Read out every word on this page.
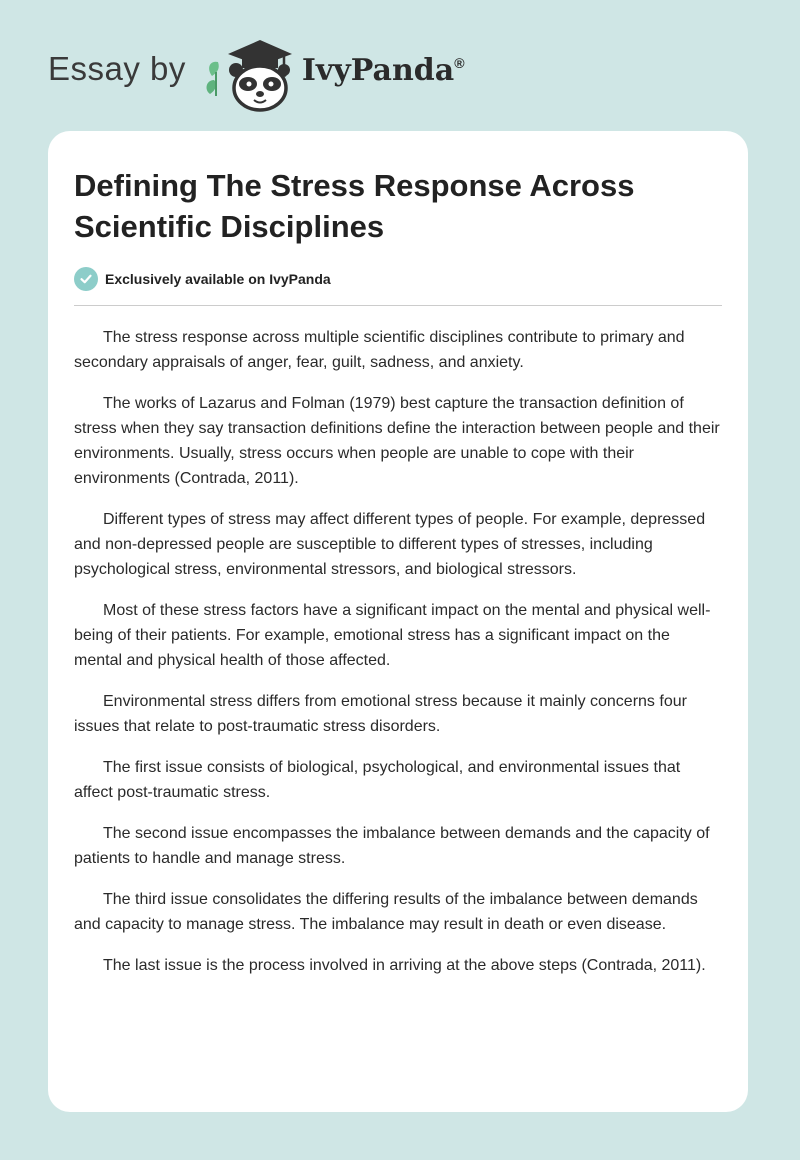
Essay by	IvyPanda®
Defining The Stress Response Across Scientific Disciplines
Exclusively available on IvyPanda

The stress response across multiple scientific disciplines contribute to primary and secondary appraisals of anger, fear, guilt, sadness, and anxiety.

The works of Lazarus and Folman (1979) best capture the transaction definition of stress when they say transaction definitions define the interaction between people and their environments. Usually, stress occurs when people are unable to cope with their environments (Contrada, 2011).

Different types of stress may affect different types of people. For example, depressed and non-depressed people are susceptible to different types of stresses, including psychological stress, environmental stressors, and biological stressors.

Most of these stress factors have a significant impact on the mental and physical well-being of their patients. For example, emotional stress has a significant impact on the mental and physical health of those affected.

Environmental stress differs from emotional stress because it mainly concerns four issues that relate to post-traumatic stress disorders.

The first issue consists of biological, psychological, and environmental issues that affect post-traumatic stress.

The second issue encompasses the imbalance between demands and the capacity of patients to handle and manage stress.

The third issue consolidates the differing results of the imbalance between demands and capacity to manage stress. The imbalance may result in death or even disease.

The last issue is the process involved in arriving at the above steps (Contrada, 2011).
